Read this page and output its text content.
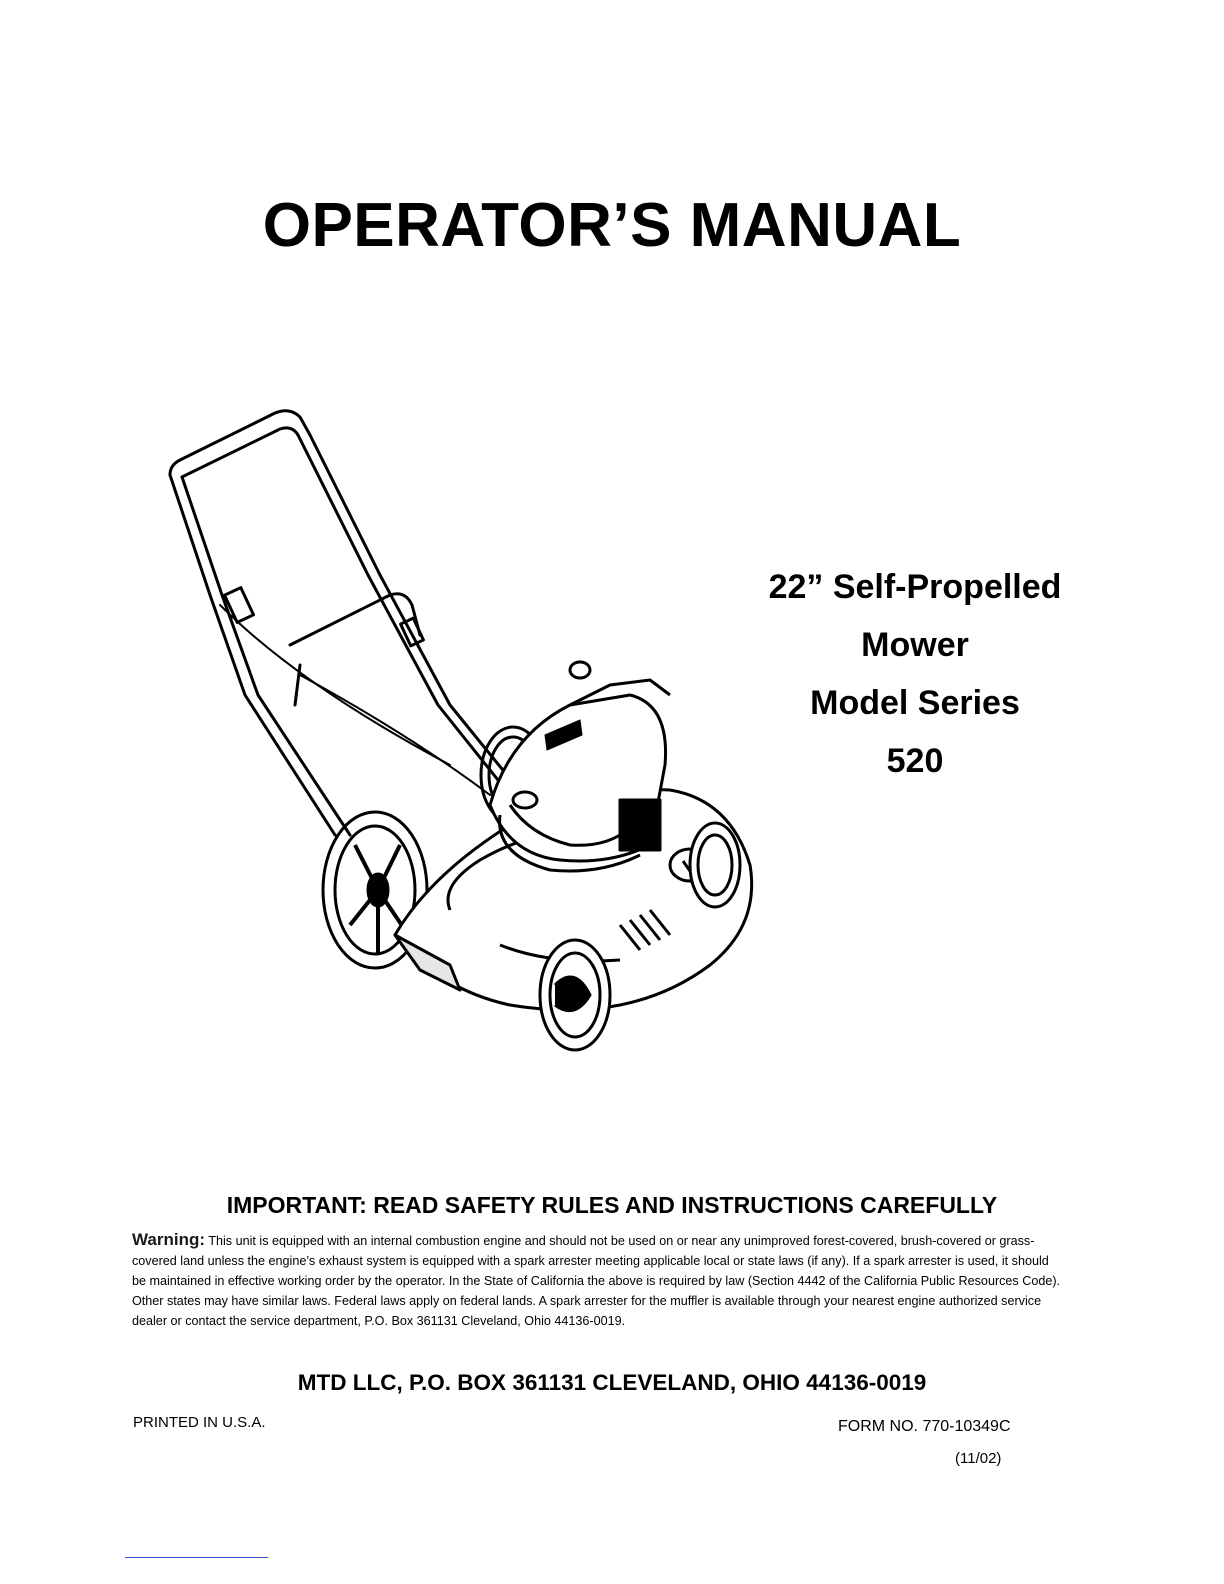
OPERATOR’S MANUAL
22” Self-Propelled
Mower
Model Series
520
IMPORTANT: READ SAFETY RULES AND INSTRUCTIONS CAREFULLY

Warning: This unit is equipped with an internal combustion engine and should not be used on or near any unimproved forest-covered, brush-covered or grass-covered land unless the engine’s exhaust system is equipped with a spark arrester meeting applicable local or state laws (if any). If a spark arrester is used, it should be maintained in effective working order by the operator. In the State of California the above is required by law (Section 4442 of the California Public Resources Code). Other states may have similar laws. Federal laws apply on federal lands. A spark arrester for the muffler is available through your nearest engine authorized service dealer or contact the service department, P.O. Box 361131 Cleveland, Ohio 44136-0019.

MTD LLC, P.O. BOX 361131 CLEVELAND, OHIO 44136-0019
PRINTED IN U.S.A.	FORM NO. 770-10349C
(11/02)
